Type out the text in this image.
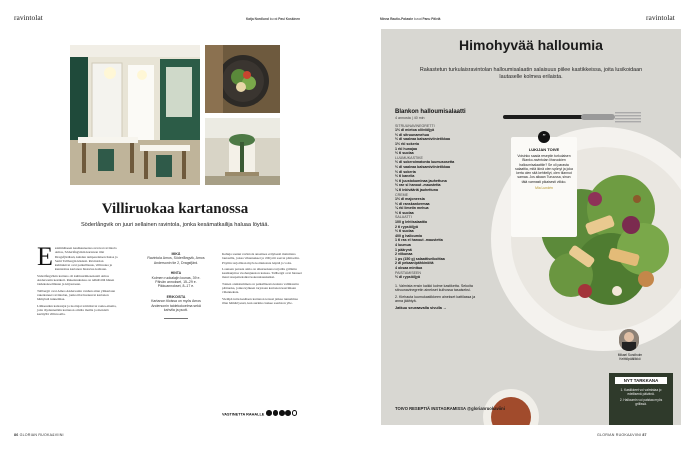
ravintolat	Katja Nordlund kuvat Pasi Koskinen
Villiruokaa kartanossa
Söderlångvik on juuri sellainen ravintola, jonka kesämatkailija haluaa löytää.
E ssimmäiseen kesäkauteensa avaavat ravintola Amos, Söderlångvikin kartanon tilat Dragsfjärdissä, kahden tamperelaisen Kaisa ja Sami Tallbergin käsissä. Ravintolan kulmakivet ovat paikallisuus, villiruoka ja kunnioitus kartanon historiaa kohtaan.

Söderlångvikin kartano oli kulttuurimesenaatti Amos Andersonin kesäkoti. Rakennuksissa on nähtävillä hänen taidekokoelmiaan ja kirjastoaan.

Tallbergit ovat Amos Andersonin vanhan aitan yläkertaan rakentaneet ravintolan, jonka tilat huokuvat kartanon hämyistä tunnelmaa.

Lähiseudun kalastajat ja tuottajat toimittavat raaka-aineita, joita täydennetään kartanon omilta mailta ja metsistä kerätyllä villiruoalla.

MIKÄ
Ravintola Amos, Söderlångvik, Amos Andersonin tie 2, Dragsfjärd.
HINTA
Kolmen ruokalajin lounas, 39 e. Päivän annokset, 15–29 e. Pikkuannokset, 8–17 e.
ERIKOISTA
Kartanon tiloissa on myös Amos Andersonin taidekokoelma sekä kahvila ja puoti.

Kehuja saanut ravintola ansaitsee erityisesti mainintaa lautasilla, joissa vihannekset ja villiyrtit saavat pääroolin. Pöytiin tarjoillaan myös kotitekoista leipää ja voita.

Lounaan parasta antia on alkuruokana tarjoiltu grillattu kesäkurpitsa vuohenjuuston kanssa. Tallbergit ovat hioneet maut tasapainoisiksi kokonaisuuksiksi.

Toinen onnistuminen on paikallisesta kalasta valmistettu pääruoka, jonka kylkeen tarjotaan kartanon kasvimaan vihanneksia.

Vieläpä tuttu kesäisen kartanon terassi jatkaa tunnelmaa illan hämärtyessä, kun aurinko laskee saariston ylle.

VASTINETTA RAHALLE
86 GLORIAN RUOKA&VIINI
Minna Rautio-Pakaste kuvat Panu Pälviä	ravintolat
Himohyvää halloumia
Rakastetun turkulaisravintolan halloumisalaatin salaisuus piilee kastikkeissa, joita lusikoidaan lautaselle kolmea erilaista.
Blankon halloumisalaatti
4 annosta | 40 min
SITRUUNAVINEGRETTI
1½ dl mietoa oliiviöljyä
½ dl sitruunamehua
½ dl vaaleaa balsamiviinietikkaa
1½ rkl sokeria
1 rkl hunajaa
½ tl suolaa
LUUMUKASTIKE
½ dl sokeroimatonta luumusosetta
½ dl vaaleaa balsamiviinietikkaa
½ dl sokeria
½ tl kanelia
½ tl juustokuminaa jauhettuna
½ rae sl hanout -maustetta
¼ tl inkivääriä jauhettuna
CREME
1½ dl majoneesia
½ dl ranskankermaa
¼ rkl limetin mehua
½ tl suolaa
SALAATTI
100 g lehtisalaattia
2 tl rypsiöljyä
½ tl suolaa
400 g halloumia
1 tl ras el hanout -maustetta
4 luumua
1 päärynä
2 viikunaa
1 ps (150 g) salaattiseikoittaa
2 dl pekaanipähkinöitä
4 oksaa minttua
PAISTAMISEEN
½ dl rypsiöljyä
1. Valmista ensin kaikki kolme kastiketta. Sekoita sitruunavinegretin ainekset kulhossa tasaiseksi.
2. Kiehauta luumukastikkeen ainekset kattilassa ja anna jäähtyä.
Jatkuu seuraavalla sivulla →
”
LUKIJAN TOIVE
Voisinko saada reseptin turkulaisen Blanko-ravintolan liharuokien halloumisalaattiin? Se oli parasta salaattia, mitä ikinä olen syönyt ja joka kerta olen sitä kehitellyt, olen tilannut samaa. Jos aikaan Turuussa, sinun tätä varmasti pikaisesti viikko.
Mia Lundén
Mikael Sundholm
Keittiöpäällikkö
NYT TARKKANA
1. Kastikkeet voi valmistaa jo edellisenä päivänä.
2. Halloumin voi paistaa myös grillissä.
TOIVO RESEPTIÄ INSTAGRAMISSA @glorianruokaviini
GLORIAN RUOKA&VIINI 87
